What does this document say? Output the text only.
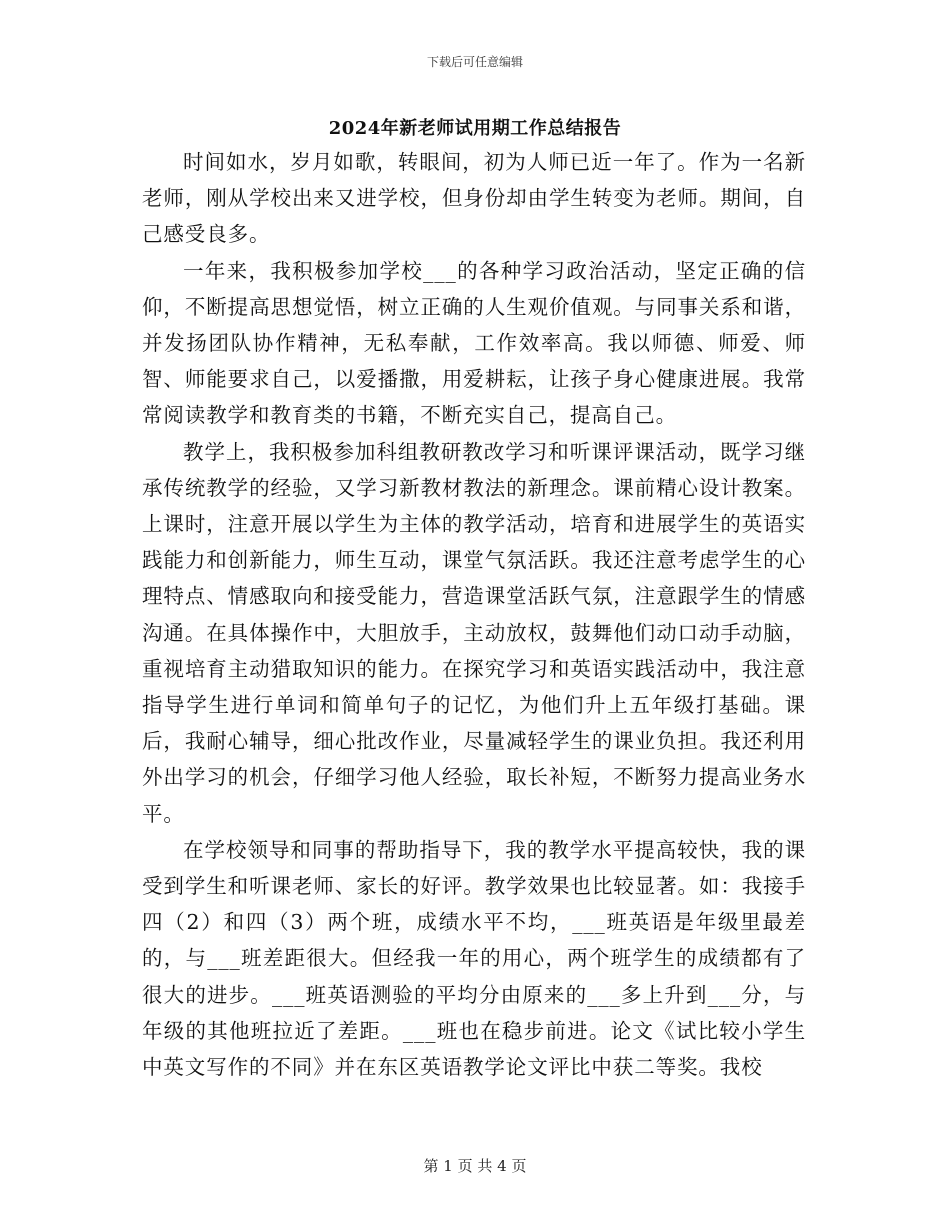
下载后可任意编辑
2024年新老师试用期工作总结报告

时间如水，岁月如歌，转眼间，初为人师已近一年了。作为一名新老师，刚从学校出来又进学校，但身份却由学生转变为老师。期间，自己感受良多。

一年来，我积极参加学校___的各种学习政治活动，坚定正确的信仰，不断提高思想觉悟，树立正确的人生观价值观。与同事关系和谐，并发扬团队协作精神，无私奉献，工作效率高。我以师德、师爱、师智、师能要求自己，以爱播撒，用爱耕耘，让孩子身心健康进展。我常常阅读教学和教育类的书籍，不断充实自己，提高自己。

教学上，我积极参加科组教研教改学习和听课评课活动，既学习继承传统教学的经验，又学习新教材教法的新理念。课前精心设计教案。上课时，注意开展以学生为主体的教学活动，培育和进展学生的英语实践能力和创新能力，师生互动，课堂气氛活跃。我还注意考虑学生的心理特点、情感取向和接受能力，营造课堂活跃气氛，注意跟学生的情感沟通。在具体操作中，大胆放手，主动放权，鼓舞他们动口动手动脑，重视培育主动猎取知识的能力。在探究学习和英语实践活动中，我注意指导学生进行单词和简单句子的记忆，为他们升上五年级打基础。课后，我耐心辅导，细心批改作业，尽量减轻学生的课业负担。我还利用外出学习的机会，仔细学习他人经验，取长补短，不断努力提高业务水平。

在学校领导和同事的帮助指导下，我的教学水平提高较快，我的课受到学生和听课老师、家长的好评。教学效果也比较显著。如：我接手四（2）和四（3）两个班，成绩水平不均，___班英语是年级里最差的，与___班差距很大。但经我一年的用心，两个班学生的成绩都有了很大的进步。___班英语测验的平均分由原来的___多上升到___分，与年级的其他班拉近了差距。___班也在稳步前进。论文《试比较小学生中英文写作的不同》并在东区英语教学论文评比中获二等奖。我校

第 1 页 共 4 页
